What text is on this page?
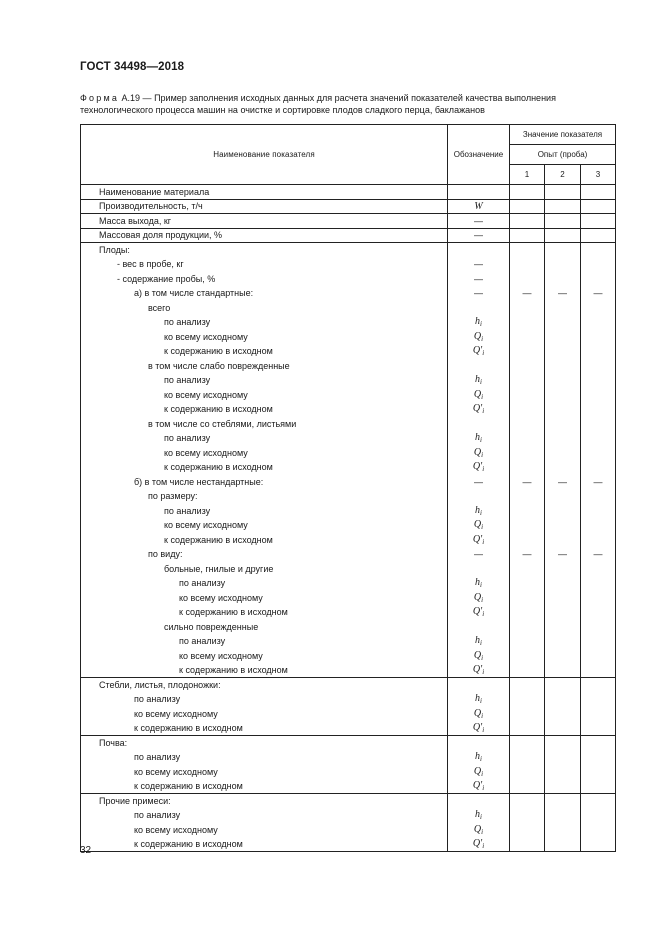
ГОСТ 34498—2018
Форма А.19 — Пример заполнения исходных данных для расчета значений показателей качества выполнения технологического процесса машин на очистке и сортировке плодов сладкого перца, баклажанов
Наименование показателя	Обозначение	Значение показателя		
		Опыт (проба)		
		1	2	3
Наименование материала				
Производительность, т/ч	W			
Масса выхода, кг	—			
Массовая доля продукции, %	—			
Плоды:				
- вес в пробе, кг	—			
- содержание пробы, %	—			
а) в том числе стандартные:	—	—	—	—
всего				
по анализу	$h_i$			
ко всему исходному	$Q_i$			
к содержанию в исходном	$Q'_i$			
в том числе слабо поврежденные				
по анализу	$h_i$			
ко всему исходному	$Q_i$			
к содержанию в исходном	$Q'_i$			
в том числе со стеблями, листьями				
по анализу	$h_i$			
ко всему исходному	$Q_i$			
к содержанию в исходном	$Q'_i$			
б) в том числе нестандартные:	—	—	—	—
по размеру:				
по анализу	$h_i$			
ко всему исходному	$Q_i$			
к содержанию в исходном	$Q'_i$			
по виду:	—	—	—	—
больные, гнилые и другие				
по анализу	$h_i$			
ко всему исходному	$Q_i$			
к содержанию в исходном	$Q'_i$			
сильно поврежденные				
по анализу	$h_i$			
ко всему исходному	$Q_i$			
к содержанию в исходном	$Q'_i$			
Стебли, листья, плодоножки:				
по анализу	$h_i$			
ко всему исходному	$Q_i$			
к содержанию в исходном	$Q'_i$			
Почва:				
по анализу	$h_i$			
ко всему исходному	$Q_i$			
к содержанию в исходном	$Q'_i$			
Прочие примеси:				
по анализу	$h_i$			
ко всему исходному	$Q_i$			
к содержанию в исходном	$Q'_i$			
32
